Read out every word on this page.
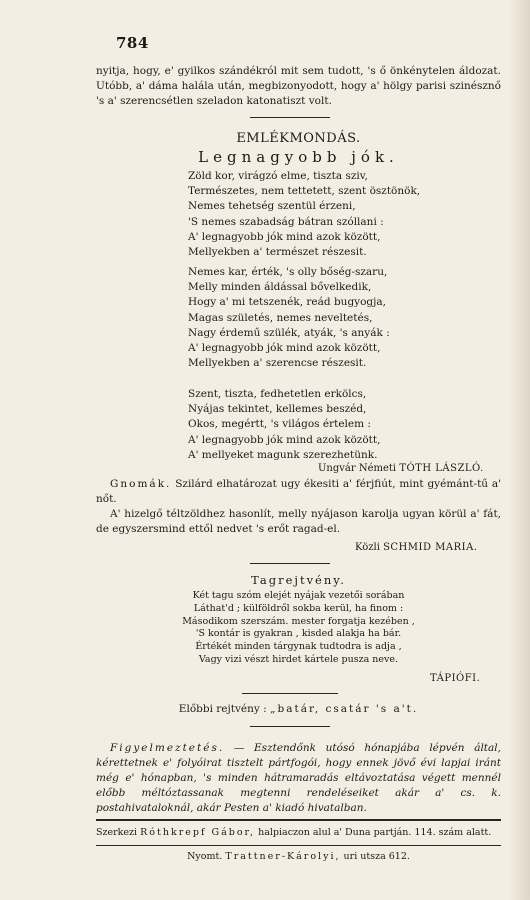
784

nyitja, hogy, e' gyilkos szándékról mit sem tudott, 's ő önkénytelen áldozat. Utóbb, a' dáma halála után, megbizonyodott, hogy a' hölgy parisi szinésznő 's a' szerencsétlen szeladon katonatiszt volt.

EMLÉKMONDÁS.
Legnagyobb jók.
Zöld kor, virágzó elme, tiszta sziv,
Természetes, nem tettetett, szent ösztönök,
Nemes tehetség szentül érzeni,
'S nemes szabadság bátran szóllani :
A' legnagyobb jók mind azok között,
Mellyekben a' természet részesit.
Nemes kar, érték, 's olly bőség-szaru,
Melly minden áldással bővelkedik,
Hogy a' mi tetszenék, reád bugyogja,
Magas születés, nemes neveltetés,
Nagy érdemű szülék, atyák, 's anyák :
A' legnagyobb jók mind azok között,
Mellyekben a' szerencse részesit.
Szent, tiszta, fedhetetlen erkölcs,
Nyájas tekintet, kellemes beszéd,
Okos, megértt, 's világos értelem :
A' legnagyobb jók mind azok között,
A' mellyeket magunk szerezhetünk.
Ungvár Németi TÓTH LÁSZLÓ.

Gnomák. Szilárd elhatározat ugy ékesiti a' férjfiút, mint gyémánt-tű a' nőt.

A' hizelgő téltzöldhez hasonlít, melly nyájason karolja ugyan körül a' fát, de egyszersmind ettől nedvet 's erőt ragad-el.

Közli SCHMID MARIA.
Tagrejtvény.
Két tagu szóm elejét nyájak vezetői sorában
Láthat'd ; külföldről sokba kerül, ha finom :
Másodikom szerszám. mester forgatja kezében ,
'S kontár is gyakran , kisded alakja ha bár.
Értékét minden tárgynak tudtodra is adja ,
Vagy vizi vészt hirdet kártele pusza neve.
TÁPIÓFI.
Előbbi rejtvény : „batár, csatár 's a't.

Figyelmeztetés. — Esztendőnk utósó hónapjába lépvén által, kérettetnek e' folyóirat tisztelt pártfogói, hogy ennek jövő évi lapjai iránt még e' hónapban, 's minden hátramaradás eltávoztatása végett mennél előbb méltóztassanak megtenni rendeléseiket akár a' cs. k. postahivataloknál, akár Pesten a' kiadó hivatalban.

Szerkezi Róthkrepf Gábor, halpiaczon alul a' Duna partján. 114. szám alatt.
Nyomt. Trattner-Károlyi, uri utsza 612.
